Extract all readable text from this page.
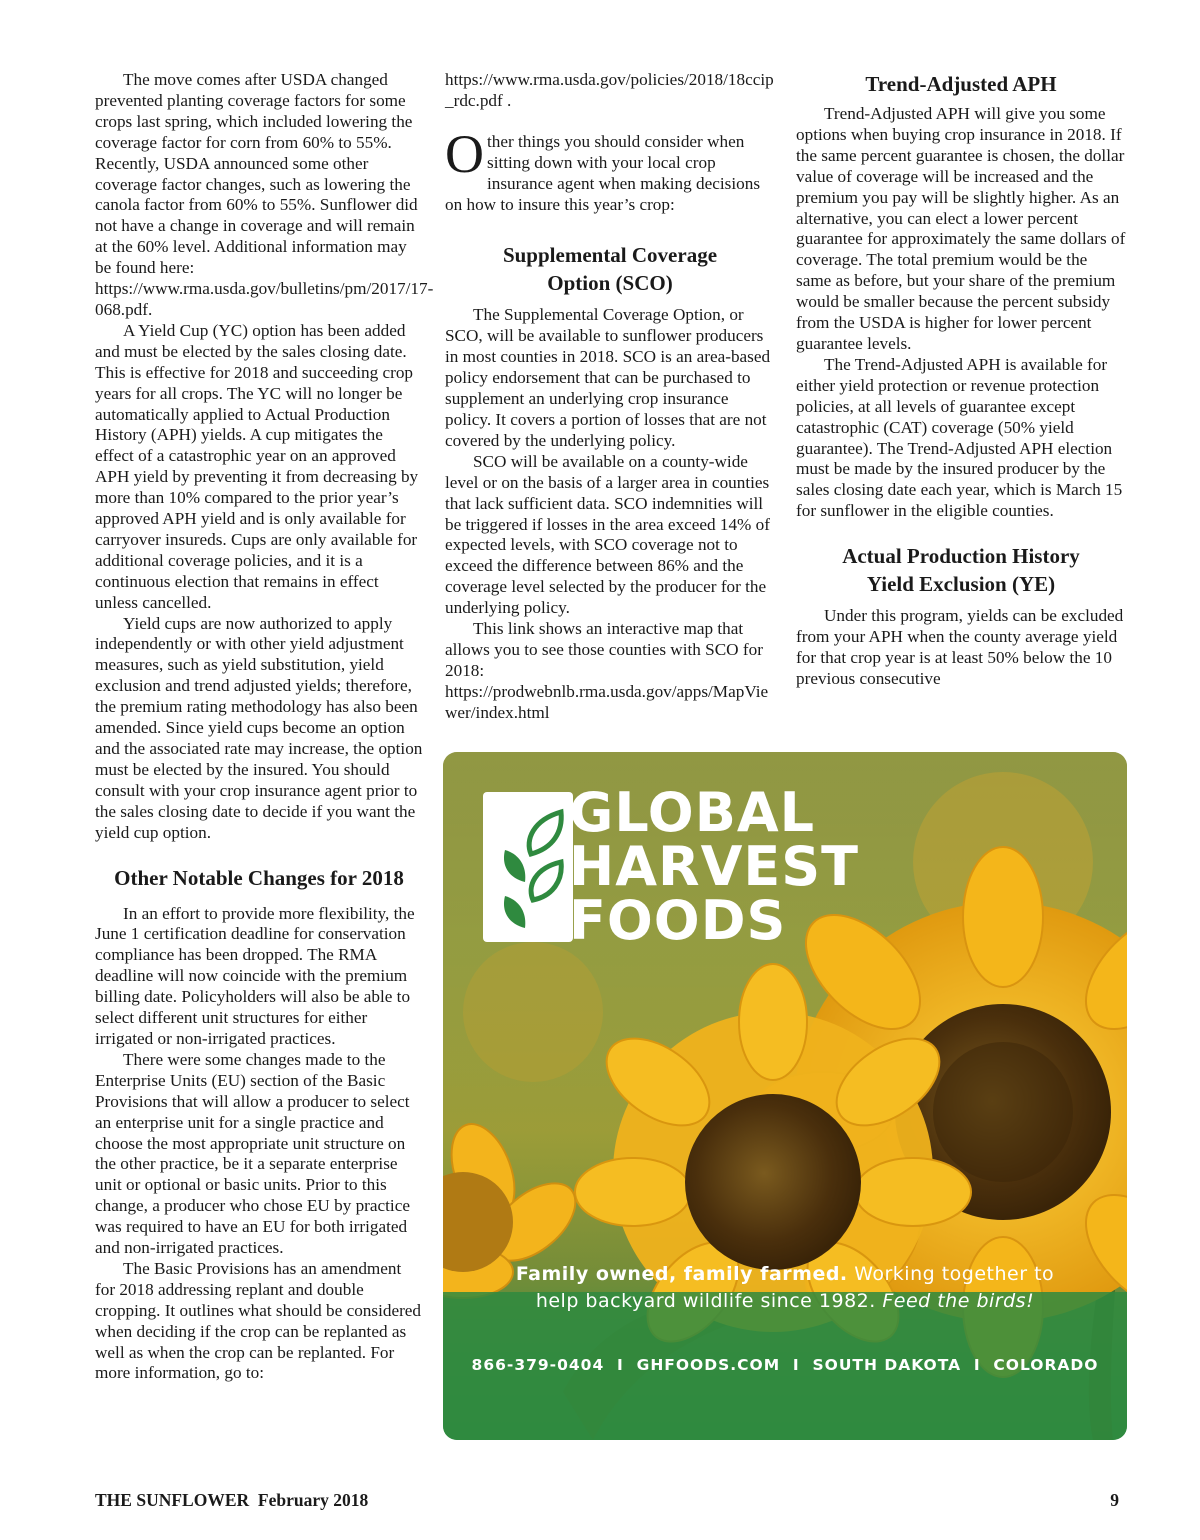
The move comes after USDA changed prevented planting coverage factors for some crops last spring, which included lowering the coverage factor for corn from 60% to 55%. Recently, USDA announced some other coverage factor changes, such as lowering the canola factor from 60% to 55%. Sunflower did not have a change in coverage and will remain at the 60% level. Additional information may be found here: https://www.rma.usda.gov/bulletins/pm/2017/17-068.pdf.

A Yield Cup (YC) option has been added and must be elected by the sales closing date. This is effective for 2018 and succeeding crop years for all crops. The YC will no longer be automatically applied to Actual Production History (APH) yields. A cup mitigates the effect of a catastrophic year on an approved APH yield by preventing it from decreasing by more than 10% compared to the prior year’s approved APH yield and is only available for carryover insureds. Cups are only available for additional coverage policies, and it is a continuous election that remains in effect unless cancelled.

Yield cups are now authorized to apply independently or with other yield adjustment measures, such as yield substitution, yield exclusion and trend adjusted yields; therefore, the premium rating methodology has also been amended. Since yield cups become an option and the associated rate may increase, the option must be elected by the insured. You should consult with your crop insurance agent prior to the sales closing date to decide if you want the yield cup option.

Other Notable Changes for 2018

In an effort to provide more flexibility, the June 1 certification deadline for conservation compliance has been dropped. The RMA deadline will now coincide with the premium billing date. Policyholders will also be able to select different unit structures for either irrigated or non-irrigated practices.

There were some changes made to the Enterprise Units (EU) section of the Basic Provisions that will allow a producer to select an enterprise unit for a single practice and choose the most appropriate unit structure on the other practice, be it a separate enterprise unit or optional or basic units. Prior to this change, a producer who chose EU by practice was required to have an EU for both irrigated and non-irrigated practices.

The Basic Provisions has an amendment for 2018 addressing replant and double cropping. It outlines what should be considered when deciding if the crop can be replanted as well as when the crop can be replanted. For more information, go to:

https://www.rma.usda.gov/policies/2018/18ccip_rdc.pdf .

Other things you should consider when sitting down with your local crop insurance agent when making decisions on how to insure this year’s crop:

Supplemental Coverage
Option (SCO)

The Supplemental Coverage Option, or SCO, will be available to sunflower producers in most counties in 2018. SCO is an area-based policy endorsement that can be purchased to supplement an underlying crop insurance policy. It covers a portion of losses that are not covered by the underlying policy.

SCO will be available on a county-wide level or on the basis of a larger area in counties that lack sufficient data. SCO indemnities will be triggered if losses in the area exceed 14% of expected levels, with SCO coverage not to exceed the difference between 86% and the coverage level selected by the producer for the underlying policy.

This link shows an interactive map that allows you to see those counties with SCO for 2018: https://prodwebnlb.rma.usda.gov/apps/MapViewer/index.html

Trend-Adjusted APH

Trend-Adjusted APH will give you some options when buying crop insurance in 2018. If the same percent guarantee is chosen, the dollar value of coverage will be increased and the premium you pay will be slightly higher. As an alternative, you can elect a lower percent guarantee for approximately the same dollars of coverage. The total premium would be the same as before, but your share of the premium would be smaller because the percent subsidy from the USDA is higher for lower percent guarantee levels.

The Trend-Adjusted APH is available for either yield protection or revenue protection policies, at all levels of guarantee except catastrophic (CAT) coverage (50% yield guarantee). The Trend-Adjusted APH election must be made by the insured producer by the sales closing date each year, which is March 15 for sunflower in the eligible counties.

Actual Production History
Yield Exclusion (YE)

Under this program, yields can be excluded from your APH when the county average yield for that crop year is at least 50% below the 10 previous consecutive

GLOBAL
HARVEST
FOODS
Family owned, family farmed. Working together to
help backyard wildlife since 1982. Feed the birds!
866-379-0404  I  GHFOODS.COM  I  SOUTH DAKOTA  I  COLORADO
THE SUNFLOWER  February 2018	9
